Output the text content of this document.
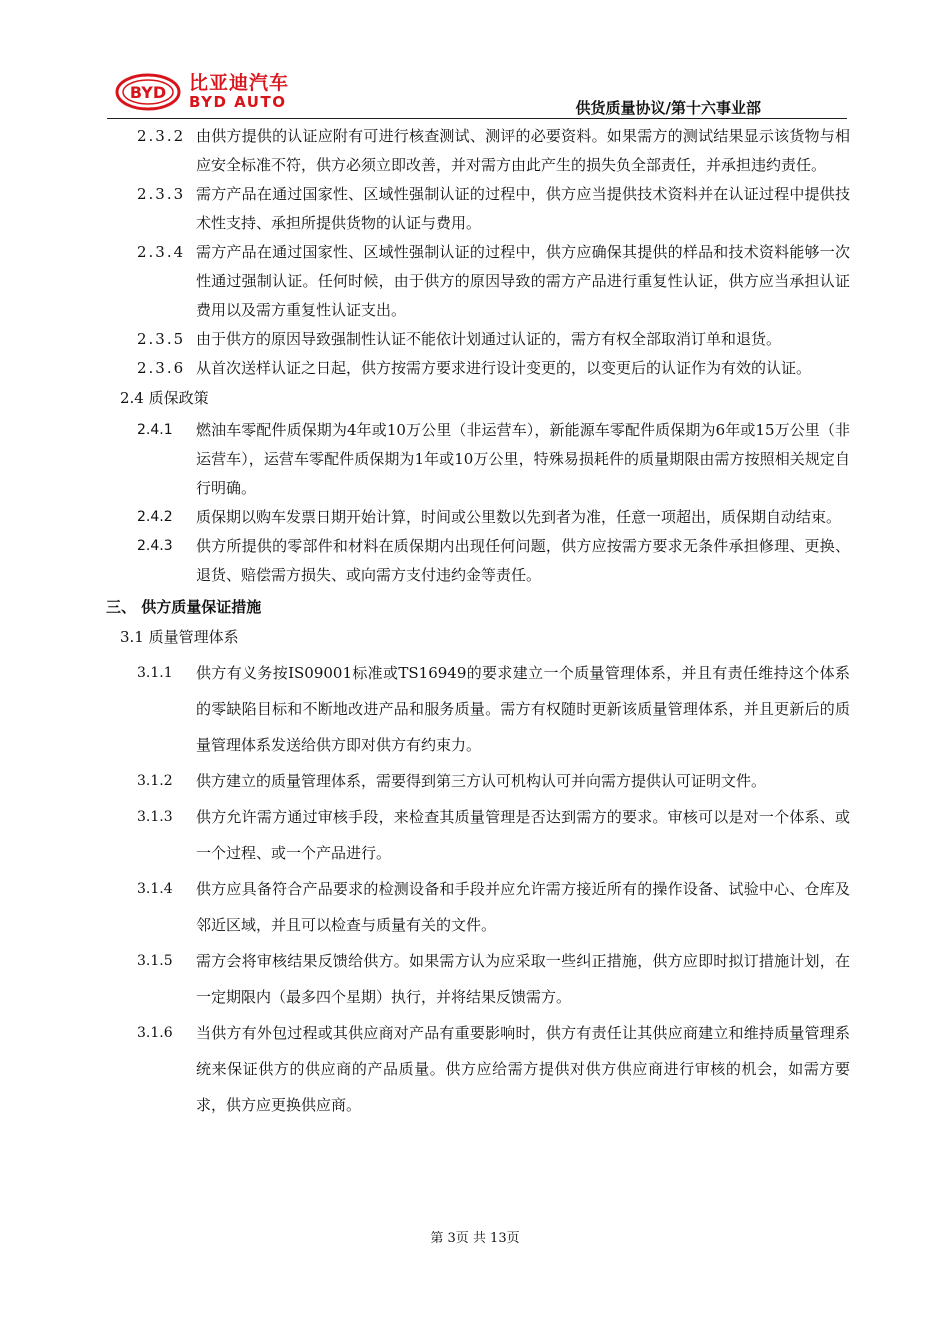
BYD 比亚迪汽车
BYD AUTO	供货质量协议/第十六事业部
2.3.2 由供方提供的认证应附有可进行核查测试、测评的必要资料。如果需方的测试结果显示该货物与相应安全标准不符，供方必须立即改善，并对需方由此产生的损失负全部责任，并承担违约责任。
2.3.3 需方产品在通过国家性、区域性强制认证的过程中，供方应当提供技术资料并在认证过程中提供技术性支持、承担所提供货物的认证与费用。
2.3.4 需方产品在通过国家性、区域性强制认证的过程中，供方应确保其提供的样品和技术资料能够一次性通过强制认证。任何时候，由于供方的原因导致的需方产品进行重复性认证，供方应当承担认证费用以及需方重复性认证支出。
2.3.5 由于供方的原因导致强制性认证不能依计划通过认证的，需方有权全部取消订单和退货。
2.3.6 从首次送样认证之日起，供方按需方要求进行设计变更的，以变更后的认证作为有效的认证。
2.4 质保政策
2.4.1 燃油车零配件质保期为4年或10万公里（非运营车），新能源车零配件质保期为6年或15万公里（非运营车），运营车零配件质保期为1年或10万公里，特殊易损耗件的质量期限由需方按照相关规定自行明确。
2.4.2 质保期以购车发票日期开始计算，时间或公里数以先到者为准，任意一项超出，质保期自动结束。
2.4.3 供方所提供的零部件和材料在质保期内出现任何问题，供方应按需方要求无条件承担修理、更换、退货、赔偿需方损失、或向需方支付违约金等责任。
三、 供方质量保证措施
3.1 质量管理体系
3.1.1 供方有义务按IS09001标准或TS16949的要求建立一个质量管理体系，并且有责任维持这个体系的零缺陷目标和不断地改进产品和服务质量。需方有权随时更新该质量管理体系，并且更新后的质量管理体系发送给供方即对供方有约束力。
3.1.2 供方建立的质量管理体系，需要得到第三方认可机构认可并向需方提供认可证明文件。
3.1.3 供方允许需方通过审核手段，来检查其质量管理是否达到需方的要求。审核可以是对一个体系、或一个过程、或一个产品进行。
3.1.4 供方应具备符合产品要求的检测设备和手段并应允许需方接近所有的操作设备、试验中心、仓库及邻近区域，并且可以检查与质量有关的文件。
3.1.5 需方会将审核结果反馈给供方。如果需方认为应采取一些纠正措施，供方应即时拟订措施计划，在一定期限内（最多四个星期）执行，并将结果反馈需方。
3.1.6 当供方有外包过程或其供应商对产品有重要影响时，供方有责任让其供应商建立和维持质量管理系统来保证供方的供应商的产品质量。供方应给需方提供对供方供应商进行审核的机会，如需方要求，供方应更换供应商。
第 3页 共 13页
